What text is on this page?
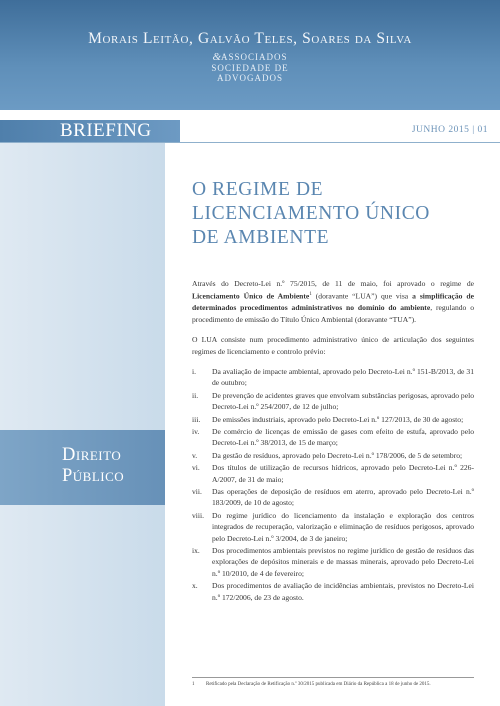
Morais Leitão, Galvão Teles, Soares da Silva
&ASSOCIADOS
SOCIEDADE DE
ADVOGADOS
BRIEFING	JUNHO 2015 | 01
Direito
Público
O REGIME DE
LICENCIAMENTO ÚNICO
DE AMBIENTE

Através do Decreto-Lei n.º 75/2015, de 11 de maio, foi aprovado o regime de Licenciamento Único de Ambiente$^1$ (doravante “LUA”) que visa a simplificação de determinados procedimentos administrativos no domínio do ambiente, regulando o procedimento de emissão do Título Único Ambiental (doravante “TUA”).

O LUA consiste num procedimento administrativo único de articulação dos seguintes regimes de licenciamento e controlo prévio:

i. Da avaliação de impacte ambiental, aprovado pelo Decreto-Lei n.º 151-B/2013, de 31 de outubro;
ii. De prevenção de acidentes graves que envolvam substâncias perigosas, aprovado pelo Decreto-Lei n.º 254/2007, de 12 de julho;
iii. De emissões industriais, aprovado pelo Decreto-Lei n.º 127/2013, de 30 de agosto;
iv. De comércio de licenças de emissão de gases com efeito de estufa, aprovado pelo Decreto-Lei n.º 38/2013, de 15 de março;
v. Da gestão de resíduos, aprovado pelo Decreto-Lei n.º 178/2006, de 5 de setembro;
vi. Dos títulos de utilização de recursos hídricos, aprovado pelo Decreto-Lei n.º 226-A/2007, de 31 de maio;
vii. Das operações de deposição de resíduos em aterro, aprovado pelo Decreto-Lei n.º 183/2009, de 10 de agosto;
viii. Do regime jurídico do licenciamento da instalação e exploração dos centros integrados de recuperação, valorização e eliminação de resíduos perigosos, aprovado pelo Decreto-Lei n.º 3/2004, de 3 de janeiro;
ix. Dos procedimentos ambientais previstos no regime jurídico de gestão de resíduos das explorações de depósitos minerais e de massas minerais, aprovado pelo Decreto-Lei n.º 10/2010, de 4 de fevereiro;
x. Dos procedimentos de avaliação de incidências ambientais, previstos no Decreto-Lei n.º 172/2006, de 23 de agosto.
1 Retificado pela Declaração de Retificação n.º 30/2015 publicada em Diário da República a 18 de junho de 2015.
